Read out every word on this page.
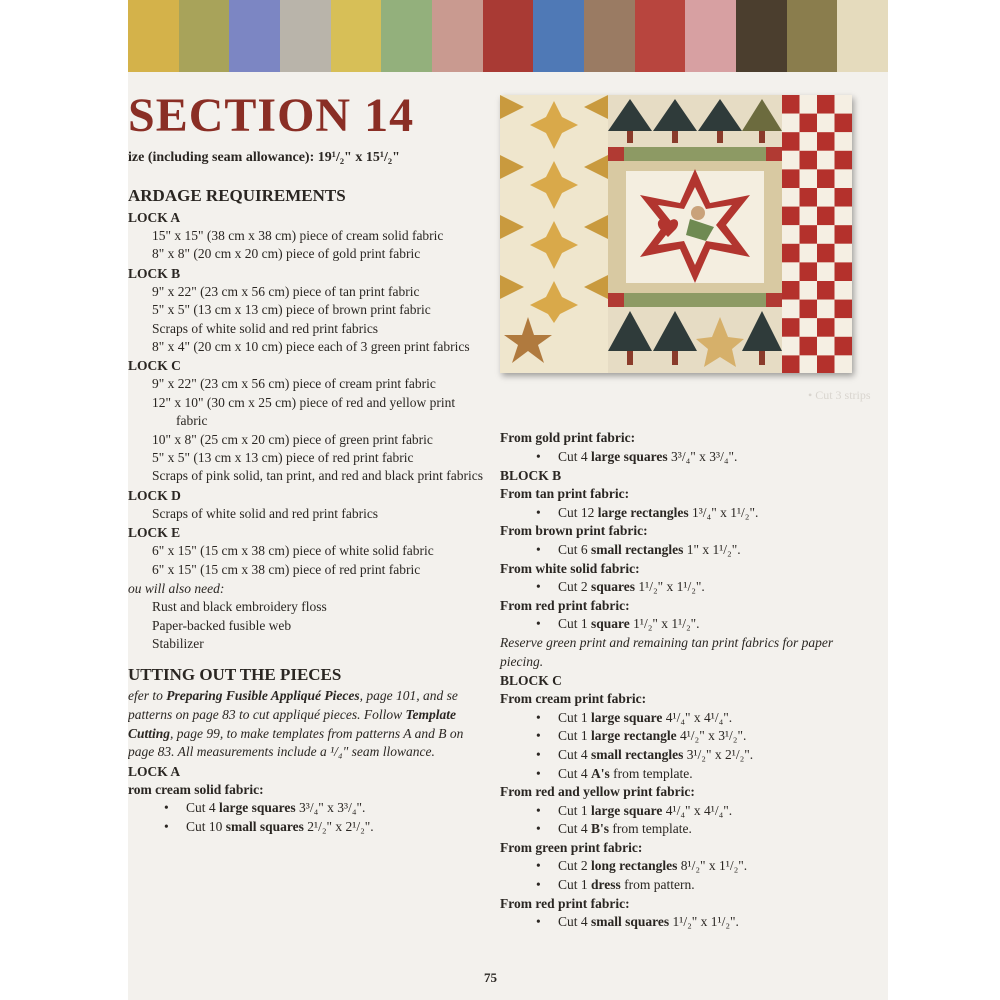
SECTION 14
ize (including seam allowance): 19¹/₂" x 15¹/₂"
ARDAGE REQUIREMENTS
LOCK A
15" x 15" (38 cm x 38 cm) piece of cream solid fabric
8" x 8" (20 cm x 20 cm) piece of gold print fabric
LOCK B
9" x 22" (23 cm x 56 cm) piece of tan print fabric
5" x 5" (13 cm x 13 cm) piece of brown print fabric
Scraps of white solid and red print fabrics
8" x 4" (20 cm x 10 cm) piece each of 3 green print fabrics
LOCK C
9" x 22" (23 cm x 56 cm) piece of cream print fabric
12" x 10" (30 cm x 25 cm) piece of red and yellow print fabric
10" x 8" (25 cm x 20 cm) piece of green print fabric
5" x 5" (13 cm x 13 cm) piece of red print fabric
Scraps of pink solid, tan print, and red and black print fabrics
LOCK D
Scraps of white solid and red print fabrics
LOCK E
6" x 15" (15 cm x 38 cm) piece of white solid fabric
6" x 15" (15 cm x 38 cm) piece of red print fabric
ou will also need:
Rust and black embroidery floss
Paper-backed fusible web
Stabilizer
UTTING OUT THE PIECES
efer to Preparing Fusible Appliqué Pieces, page 101, and se patterns on page 83 to cut appliqué pieces. Follow Template Cutting, page 99, to make templates from patterns A and B on page 83. All measurements include a ¹/₄" seam llowance.
LOCK A
rom cream solid fabric:
• Cut 4 large squares 3³/₄" x 3³/₄".
• Cut 10 small squares 2¹/₂" x 2¹/₂".
From gold print fabric:
• Cut 4 large squares 3³/₄" x 3³/₄".
BLOCK B
From tan print fabric:
• Cut 12 large rectangles 1³/₄" x 1¹/₂".
From brown print fabric:
• Cut 6 small rectangles 1" x 1¹/₂".
From white solid fabric:
• Cut 2 squares 1¹/₂" x 1¹/₂".
From red print fabric:
• Cut 1 square 1¹/₂" x 1¹/₂".
Reserve green print and remaining tan print fabrics for paper piecing.
BLOCK C
From cream print fabric:
• Cut 1 large square 4¹/₄" x 4¹/₄".
• Cut 1 large rectangle 4¹/₂" x 3¹/₂".
• Cut 4 small rectangles 3¹/₂" x 2¹/₂".
• Cut 4 A's from template.
From red and yellow print fabric:
• Cut 1 large square 4¹/₄" x 4¹/₄".
• Cut 4 B's from template.
From green print fabric:
• Cut 2 long rectangles 8¹/₂" x 1¹/₂".
• Cut 1 dress from pattern.
From red print fabric:
• Cut 4 small squares 1¹/₂" x 1¹/₂".
• Cut 3 strips
75
